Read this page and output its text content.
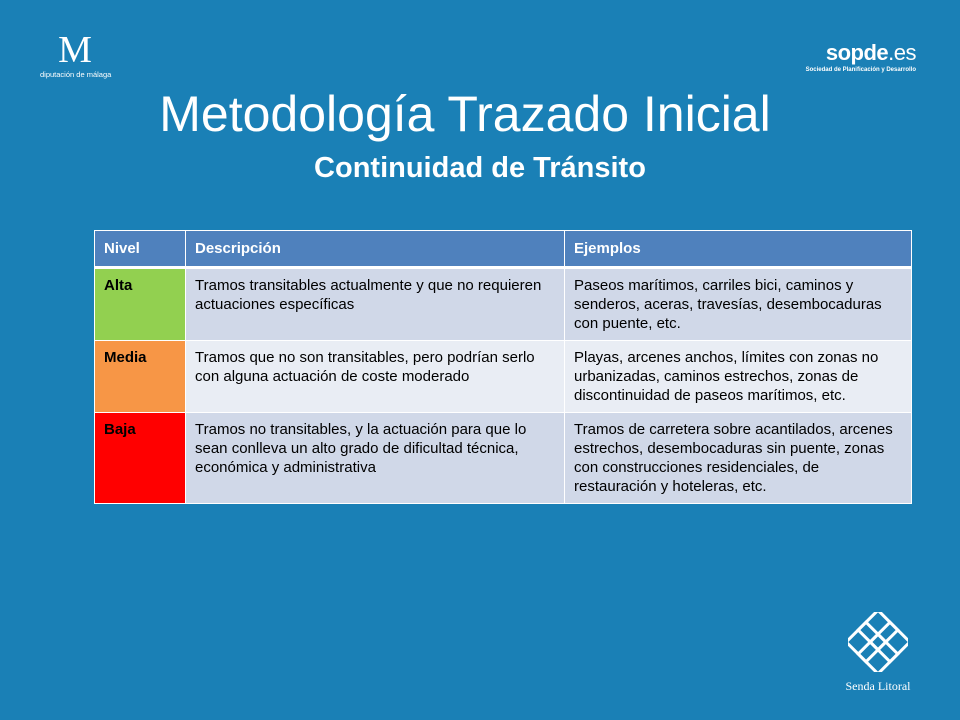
M
diputación de málaga
sopde.es
Sociedad de Planificación y Desarrollo
Metodología Trazado Inicial
Continuidad de Tránsito
Nivel	Descripción	Ejemplos
Alta	Tramos transitables actualmente y que no requieren actuaciones específicas	Paseos marítimos, carriles bici, caminos y senderos, aceras, travesías, desembocaduras con puente, etc.
Media	Tramos que no son transitables, pero podrían serlo con alguna actuación de coste moderado	Playas, arcenes anchos, límites con zonas no urbanizadas, caminos estrechos, zonas de discontinuidad de paseos marítimos, etc.
Baja	Tramos no transitables, y la actuación para que lo sean conlleva un alto grado de dificultad técnica, económica y administrativa	Tramos de carretera sobre acantilados, arcenes estrechos, desembocaduras sin puente, zonas con construcciones residenciales, de restauración y hoteleras, etc.
Senda Litoral
